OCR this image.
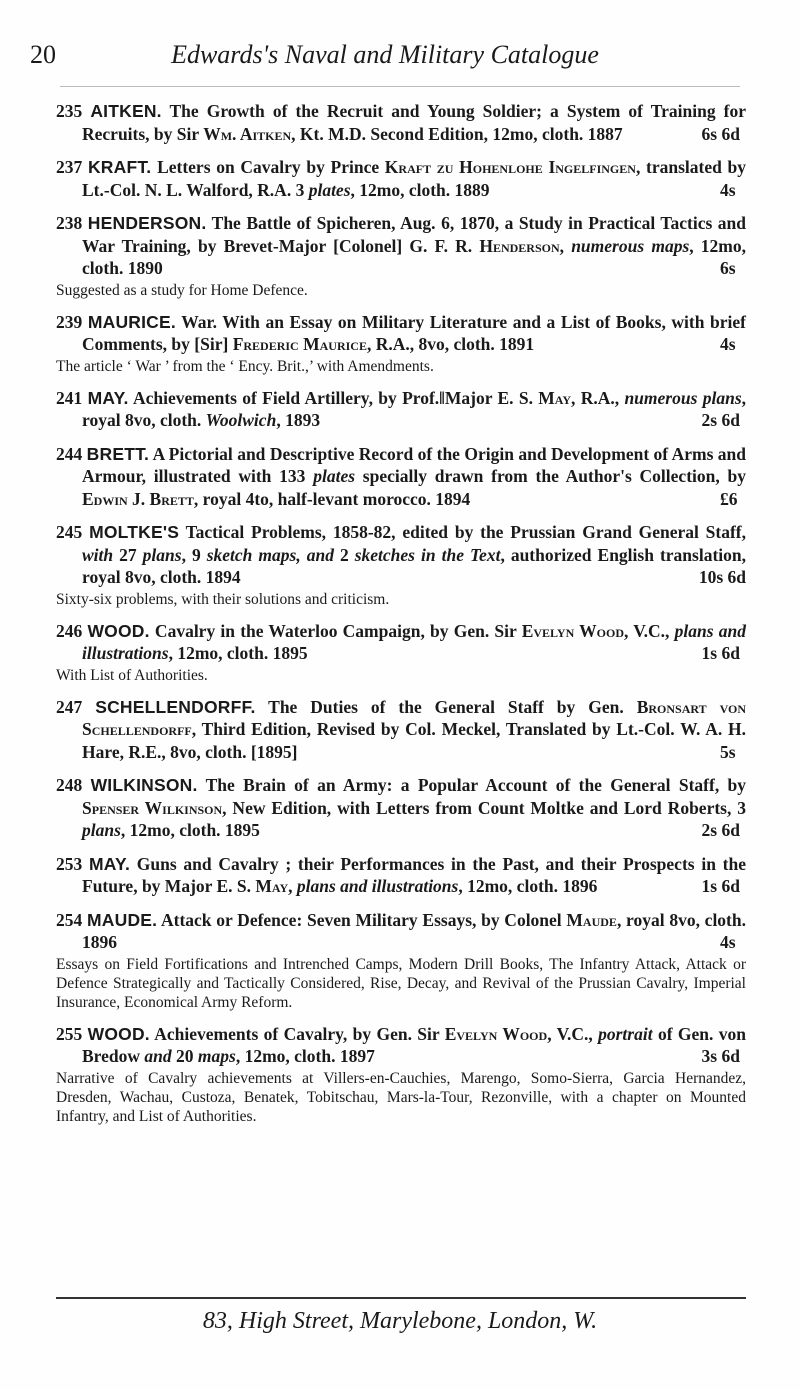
20	Edwards's Naval and Military Catalogue
235 AITKEN. The Growth of the Recruit and Young Soldier; a System of Training for Recruits, by Sir Wm. Aitken, Kt. M.D. Second Edition, 12mo, cloth. 1887	6s 6d
237 KRAFT. Letters on Cavalry by Prince Kraft zu Hohenlohe Ingelfingen, translated by Lt.-Col. N. L. Walford, R.A. 3 plates, 12mo, cloth. 1889	4s
238 HENDERSON. The Battle of Spicheren, Aug. 6, 1870, a Study in Practical Tactics and War Training, by Brevet-Major [Colonel] G. F. R. Henderson, numerous maps, 12mo, cloth. 1890	6s
Suggested as a study for Home Defence.
239 MAURICE. War. With an Essay on Military Literature and a List of Books, with brief Comments, by [Sir] Frederic Maurice, R.A., 8vo, cloth. 1891	4s
The article ‘ War ’ from the ‘ Ency. Brit.,’ with Amendments.
241 MAY. Achievements of Field Artillery, by Prof.‖Major E. S. May, R.A., numerous plans, royal 8vo, cloth. Woolwich, 1893	2s 6d
244 BRETT. A Pictorial and Descriptive Record of the Origin and Development of Arms and Armour, illustrated with 133 plates specially drawn from the Author's Collection, by Edwin J. Brett, royal 4to, half-levant morocco. 1894	£6
245 MOLTKE'S Tactical Problems, 1858-82, edited by the Prussian Grand General Staff, with 27 plans, 9 sketch maps, and 2 sketches in the Text, authorized English translation, royal 8vo, cloth. 1894	10s 6d
Sixty-six problems, with their solutions and criticism.
246 WOOD. Cavalry in the Waterloo Campaign, by Gen. Sir Evelyn Wood, V.C., plans and illustrations, 12mo, cloth. 1895	1s 6d
With List of Authorities.
247 SCHELLENDORFF. The Duties of the General Staff by Gen. Bronsart von Schellendorff, Third Edition, Revised by Col. Meckel, Translated by Lt.-Col. W. A. H. Hare, R.E., 8vo, cloth. [1895]	5s
248 WILKINSON. The Brain of an Army: a Popular Account of the General Staff, by Spenser Wilkinson, New Edition, with Letters from Count Moltke and Lord Roberts, 3 plans, 12mo, cloth. 1895	2s 6d
253 MAY. Guns and Cavalry ; their Performances in the Past, and their Prospects in the Future, by Major E. S. May, plans and illustrations, 12mo, cloth. 1896	1s 6d
254 MAUDE. Attack or Defence: Seven Military Essays, by Colonel Maude, royal 8vo, cloth. 1896	4s
Essays on Field Fortifications and Intrenched Camps, Modern Drill Books, The Infantry Attack, Attack or Defence Strategically and Tactically Considered, Rise, Decay, and Revival of the Prussian Cavalry, Imperial Insurance, Economical Army Reform.
255 WOOD. Achievements of Cavalry, by Gen. Sir Evelyn Wood, V.C., portrait of Gen. von Bredow and 20 maps, 12mo, cloth. 1897	3s 6d
Narrative of Cavalry achievements at Villers-en-Cauchies, Marengo, Somo-Sierra, Garcia Hernandez, Dresden, Wachau, Custoza, Benatek, Tobitschau, Mars-la-Tour, Rezonville, with a chapter on Mounted Infantry, and List of Authorities.
83, High Street, Marylebone, London, W.
